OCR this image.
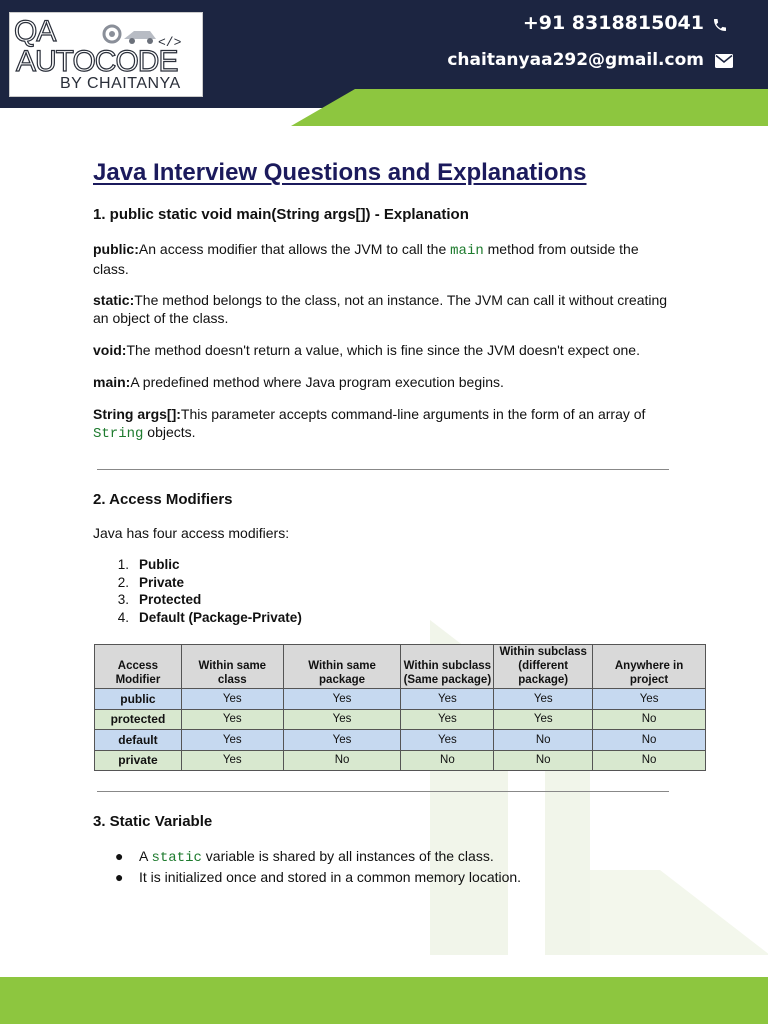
QA	</>
AUTOCODE
BY CHAITANYA
+91 8318815041
chaitanyaa292@gmail.com
Java Interview Questions and Explanations
1. public static void main(String args[]) - Explanation

public:An access modifier that allows the JVM to call the main method from outside the class.

static:The method belongs to the class, not an instance. The JVM can call it without creating an object of the class.

void:The method doesn't return a value, which is fine since the JVM doesn't expect one.

main:A predefined method where Java program execution begins.

String args[]:This parameter accepts command-line arguments in the form of an array of String objects.

2. Access Modifiers

Java has four access modifiers:

1. Public
2. Private
3. Protected
4. Default (Package-Private)
Access Modifier	Within same class	Within same package	Within subclass (Same package)	Within subclass (different package)	Anywhere in project
public	Yes	Yes	Yes	Yes	Yes
protected	Yes	Yes	Yes	Yes	No
default	Yes	Yes	Yes	No	No
private	Yes	No	No	No	No
3. Static Variable
●	A static variable is shared by all instances of the class.
●	It is initialized once and stored in a common memory location.
